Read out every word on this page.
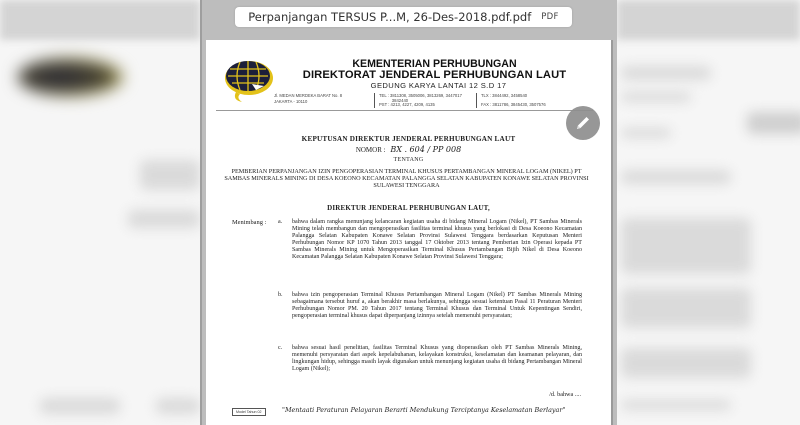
Perpanjangan TERSUS P...M, 26-Des-2018.pdf.pdf PDF
KEMENTERIAN PERHUBUNGAN
DIREKTORAT JENDERAL PERHUBUNGAN LAUT
GEDUNG KARYA LANTAI 12 S.D 17
Jl. MEDAN MERDEKA BARAT No. 8
JAKARTA - 10110
TEL : 3811308, 3505006, 3813269, 3447017
3842440
PST : 4213, 4227, 4209, 4135
TLX : 3844492, 3458540
FAX : 3811786, 3845430, 3507576
KEPUTUSAN DIREKTUR JENDERAL PERHUBUNGAN LAUT
NOMOR : BX . 604 / PP 008
TENTANG
PEMBERIAN PERPANJANGAN IZIN PENGOPERASIAN TERMINAL KHUSUS PERTAMBANGAN MINERAL LOGAM (NIKEL) PT SAMBAS MINERALS MINING DI DESA KOEONO KECAMATAN PALANGGA SELATAN KABUPATEN KONAWE SELATAN PROVINSI SULAWESI TENGGARA
DIREKTUR JENDERAL PERHUBUNGAN LAUT,
Menimbang : a. bahwa dalam rangka menunjang kelancaran kegiatan usaha di bidang Mineral Logam (Nikel), PT Sambas Minerals Mining telah membangun dan mengoperasikan fasilitas terminal khusus yang berlokasi di Desa Koeono Kecamatan Palangga Selatan Kabupaten Konawe Selatan Provinsi Sulawesi Tenggara berdasarkan Keputusan Menteri Perhubungan Nomor KP 1070 Tahun 2013 tanggal 17 Oktober 2013 tentang Pemberian Izin Operasi kepada PT Sambas Minerals Mining untuk Mengoperasikan Terminal Khusus Pertambangan Bijih Nikel di Desa Koeono Kecamatan Palangga Selatan Kabupaten Konawe Selatan Provinsi Sulawesi Tenggara;
b. bahwa izin pengoperasian Terminal Khusus Pertambangan Mineral Logam (Nikel) PT Sambas Minerals Mining sebagaimana tersebut huruf a, akan berakhir masa berlakunya, sehingga sesuai ketentuan Pasal 11 Peraturan Menteri Perhubungan Nomor PM. 20 Tahun 2017 tentang Terminal Khusus dan Terminal Untuk Kepentingan Sendiri, pengoperasian terminal khusus dapat diperpanjang izinnya setelah memenuhi persyaratan;
c. bahwa sesuai hasil penelitian, fasilitas Terminal Khusus yang dioperasikan oleh PT Sambas Minerals Mining, memenuhi persyaratan dari aspek kepelabuhanan, kelayakan konstruksi, keselamatan dan keamanan pelayaran, dan lingkungan hidup, sehingga masih layak digunakan untuk menunjang kegiatan usaha di bidang Pertambangan Mineral Logam (Nikel);
/d. bahwa ....
Model Tahun 02	"Mentaati Peraturan Pelayaran Berarti Mendukung Terciptanya Keselamatan Berlayar"
